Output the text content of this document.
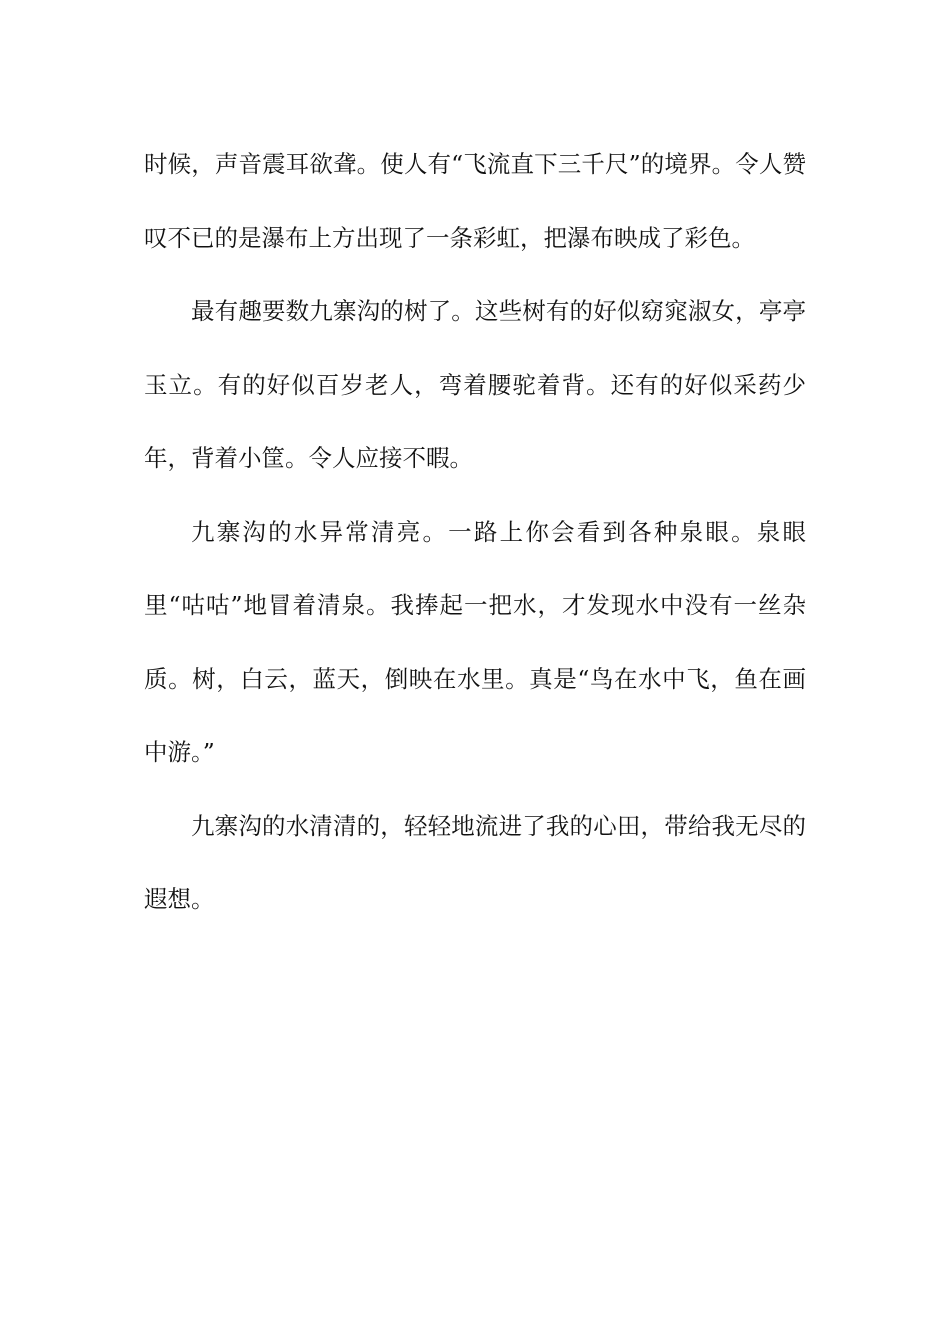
时候，声音震耳欲聋。使人有“飞流直下三千尺”的境界。令人赞叹不已的是瀑布上方出现了一条彩虹，把瀑布映成了彩色。

最有趣要数九寨沟的树了。这些树有的好似窈窕淑女，亭亭玉立。有的好似百岁老人，弯着腰驼着背。还有的好似采药少年，背着小筐。令人应接不暇。

九寨沟的水异常清亮。一路上你会看到各种泉眼。泉眼里“咕咕”地冒着清泉。我捧起一把水，才发现水中没有一丝杂质。树，白云，蓝天，倒映在水里。真是“鸟在水中飞，鱼在画中游。”

九寨沟的水清清的，轻轻地流进了我的心田，带给我无尽的遐想。
